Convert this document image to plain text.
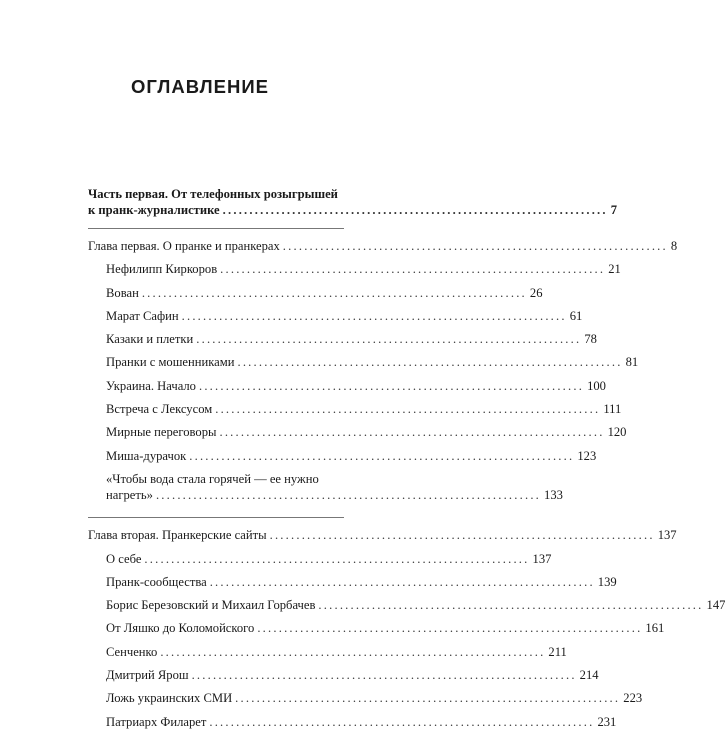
ОГЛАВЛЕНИЕ
Часть первая. От телефонных розыгрышей
к пранк-журналистике ........................................................................ 7
Глава первая. О пранке и пранкерах ........................................................................ 8
Нефилипп Киркоров ........................................................................ 21
Вован ........................................................................ 26
Марат Сафин ........................................................................ 61
Казаки и плетки ........................................................................ 78
Пранки с мошенниками ........................................................................ 81
Украина. Начало ........................................................................ 100
Встреча с Лексусом ........................................................................ 111
Мирные переговоры ........................................................................ 120
Миша-дурачок ........................................................................ 123
«Чтобы вода стала горячей — ее нужно
нагреть» ........................................................................ 133
Глава вторая. Пранкерские сайты ........................................................................ 137
О себе ........................................................................ 137
Пранк-сообщества ........................................................................ 139
Борис Березовский и Михаил Горбачев ........................................................................ 147
От Ляшко до Коломойского ........................................................................ 161
Сенченко ........................................................................ 211
Дмитрий Ярош ........................................................................ 214
Ложь украинских СМИ ........................................................................ 223
Патриарх Филарет ........................................................................ 231
